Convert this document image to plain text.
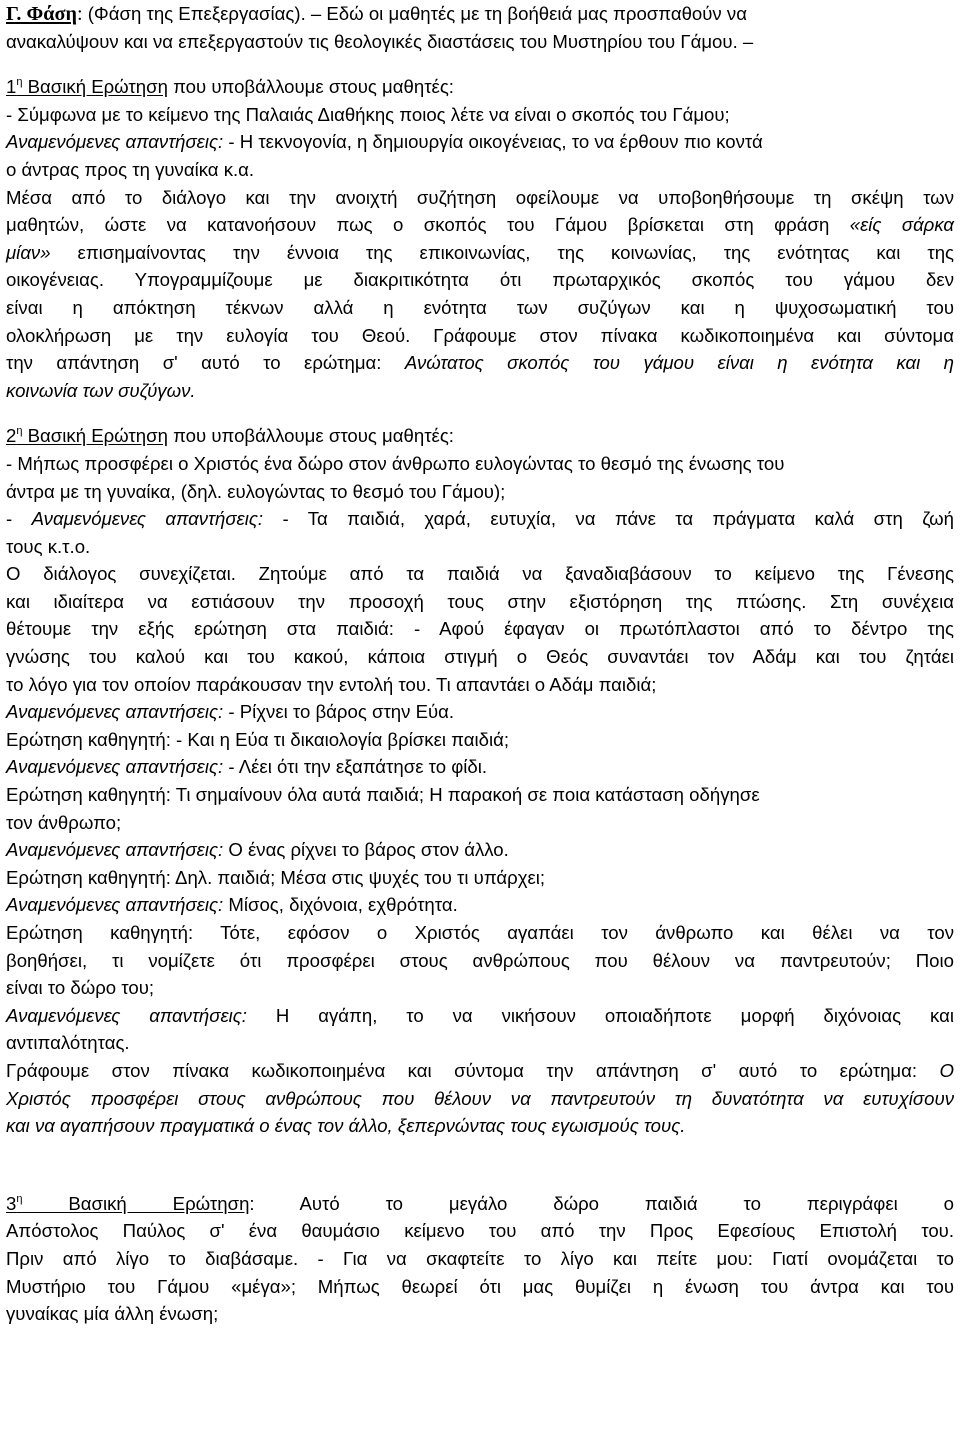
Γ. Φάση: (Φάση της Επεξεργασίας). – Εδώ οι μαθητές με τη βοήθειά μας προσπαθούν να
ανακαλύψουν και να επεξεργαστούν τις θεολογικές διαστάσεις του Μυστηρίου του Γάμου. –
$1^\eta$ Βασική Ερώτηση που υποβάλλουμε στους μαθητές:
- Σύμφωνα με το κείμενο της Παλαιάς Διαθήκης ποιος λέτε να είναι ο σκοπός του Γάμου;
Αναμενόμενες απαντήσεις: - Η τεκνογονία, η δημιουργία οικογένειας, το να έρθουν πιο κοντά
ο άντρας προς τη γυναίκα κ.α.
Μέσα από το διάλογο και την ανοιχτή συζήτηση οφείλουμε να υποβοηθήσουμε τη σκέψη των
μαθητών, ώστε να κατανοήσουν πως ο σκοπός του Γάμου βρίσκεται στη φράση «είς σάρκα
μίαν» επισημαίνοντας την έννοια της επικοινωνίας, της κοινωνίας, της ενότητας και της
οικογένειας. Υπογραμμίζουμε με διακριτικότητα ότι πρωταρχικός σκοπός του γάμου δεν
είναι η απόκτηση τέκνων αλλά η ενότητα των συζύγων και η ψυχοσωματική του
ολοκλήρωση με την ευλογία του Θεού. Γράφουμε στον πίνακα κωδικοποιημένα και σύντομα
την απάντηση σ' αυτό το ερώτημα: Ανώτατος σκοπός του γάμου είναι η ενότητα και η
κοινωνία των συζύγων.
$2^\eta$ Βασική Ερώτηση που υποβάλλουμε στους μαθητές:
- Μήπως προσφέρει ο Χριστός ένα δώρο στον άνθρωπο ευλογώντας το θεσμό της ένωσης του
άντρα με τη γυναίκα, (δηλ. ευλογώντας το θεσμό του Γάμου);
- Αναμενόμενες απαντήσεις: - Τα παιδιά, χαρά, ευτυχία, να πάνε τα πράγματα καλά στη ζωή
τους κ.τ.ο.
Ο διάλογος συνεχίζεται. Ζητούμε από τα παιδιά να ξαναδιαβάσουν το κείμενο της Γένεσης
και ιδιαίτερα να εστιάσουν την προσοχή τους στην εξιστόρηση της πτώσης. Στη συνέχεια
θέτουμε την εξής ερώτηση στα παιδιά: - Αφού έφαγαν οι πρωτόπλαστοι από το δέντρο της
γνώσης του καλού και του κακού, κάποια στιγμή ο Θεός συναντάει τον Αδάμ και του ζητάει
το λόγο για τον οποίον παράκουσαν την εντολή του. Τι απαντάει ο Αδάμ παιδιά;
Αναμενόμενες απαντήσεις: - Ρίχνει το βάρος στην Εύα.
Ερώτηση καθηγητή: - Και η Εύα τι δικαιολογία βρίσκει παιδιά;
Αναμενόμενες απαντήσεις: - Λέει ότι την εξαπάτησε το φίδι.
Ερώτηση καθηγητή: Τι σημαίνουν όλα αυτά παιδιά; Η παρακοή σε ποια κατάσταση οδήγησε
τον άνθρωπο;
Αναμενόμενες απαντήσεις: Ο ένας ρίχνει το βάρος στον άλλο.
Ερώτηση καθηγητή: Δηλ. παιδιά; Μέσα στις ψυχές του τι υπάρχει;
Αναμενόμενες απαντήσεις: Μίσος, διχόνοια, εχθρότητα.
Ερώτηση καθηγητή: Τότε, εφόσον ο Χριστός αγαπάει τον άνθρωπο και θέλει να τον
βοηθήσει, τι νομίζετε ότι προσφέρει στους ανθρώπους που θέλουν να παντρευτούν; Ποιο
είναι το δώρο του;
Αναμενόμενες απαντήσεις: Η αγάπη, το να νικήσουν οποιαδήποτε μορφή διχόνοιας και
αντιπαλότητας.
Γράφουμε στον πίνακα κωδικοποιημένα και σύντομα την απάντηση σ' αυτό το ερώτημα: Ο
Χριστός προσφέρει στους ανθρώπους που θέλουν να παντρευτούν τη δυνατότητα να ευτυχίσουν
και να αγαπήσουν πραγματικά ο ένας τον άλλο, ξεπερνώντας τους εγωισμούς τους.
$3^\eta$ Βασική Ερώτηση: Αυτό το μεγάλο δώρο παιδιά το περιγράφει ο
Απόστολος Παύλος σ' ένα θαυμάσιο κείμενο του από την Προς Εφεσίους Επιστολή του.
Πριν από λίγο το διαβάσαμε. - Για να σκαφτείτε το λίγο και πείτε μου: Γιατί ονομάζεται το
Μυστήριο του Γάμου «μέγα»; Μήπως θεωρεί ότι μας θυμίζει η ένωση του άντρα και του
γυναίκας μία άλλη ένωση;
